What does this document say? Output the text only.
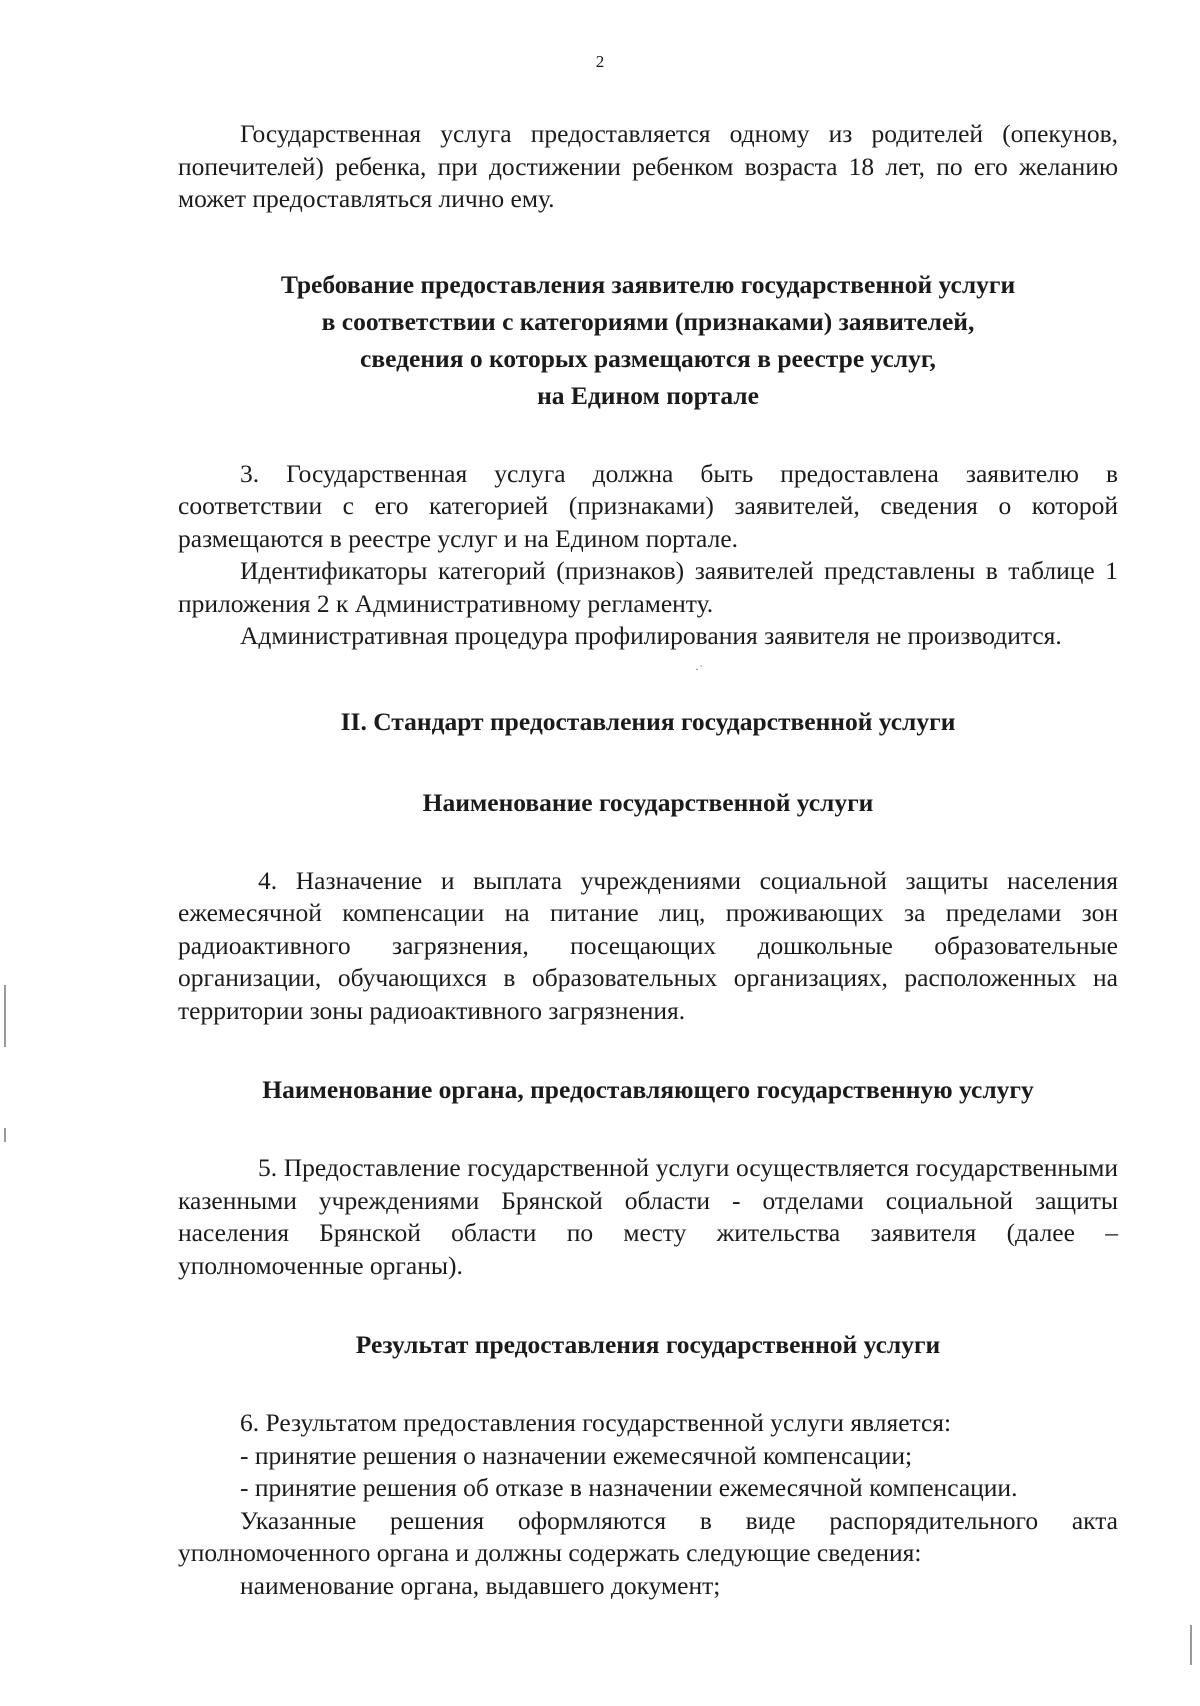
2
·˙

Государственная услуга предоставляется одному из родителей (опекунов, попечителей) ребенка, при достижении ребенком возраста 18 лет, по его желанию может предоставляться лично ему.

Требование предоставления заявителю государственной услуги
в соответствии с категориями (признаками) заявителей,
сведения о которых размещаются в реестре услуг,
на Едином портале

3. Государственная услуга должна быть предоставлена заявителю в соответствии с его категорией (признаками) заявителей, сведения о которой размещаются в реестре услуг и на Едином портале.

Идентификаторы категорий (признаков) заявителей представлены в таблице 1 приложения 2 к Административному регламенту.

Административная процедура профилирования заявителя не производится.

II. Стандарт предоставления государственной услуги

Наименование государственной услуги

4. Назначение и выплата учреждениями социальной защиты населения ежемесячной компенсации на питание лиц, проживающих за пределами зон радиоактивного загрязнения, посещающих дошкольные образовательные организации, обучающихся в образовательных организациях, расположенных на территории зоны радиоактивного загрязнения.

Наименование органа, предоставляющего государственную услугу

5. Предоставление государственной услуги осуществляется государственными казенными учреждениями Брянской области - отделами социальной защиты населения Брянской области по месту жительства заявителя (далее – уполномоченные органы).

Результат предоставления государственной услуги

6. Результатом предоставления государственной услуги является:

- принятие решения о назначении ежемесячной компенсации;

- принятие решения об отказе в назначении ежемесячной компенсации.

Указанные решения оформляются в виде распорядительного акта уполномоченного органа и должны содержать следующие сведения:

наименование органа, выдавшего документ;
